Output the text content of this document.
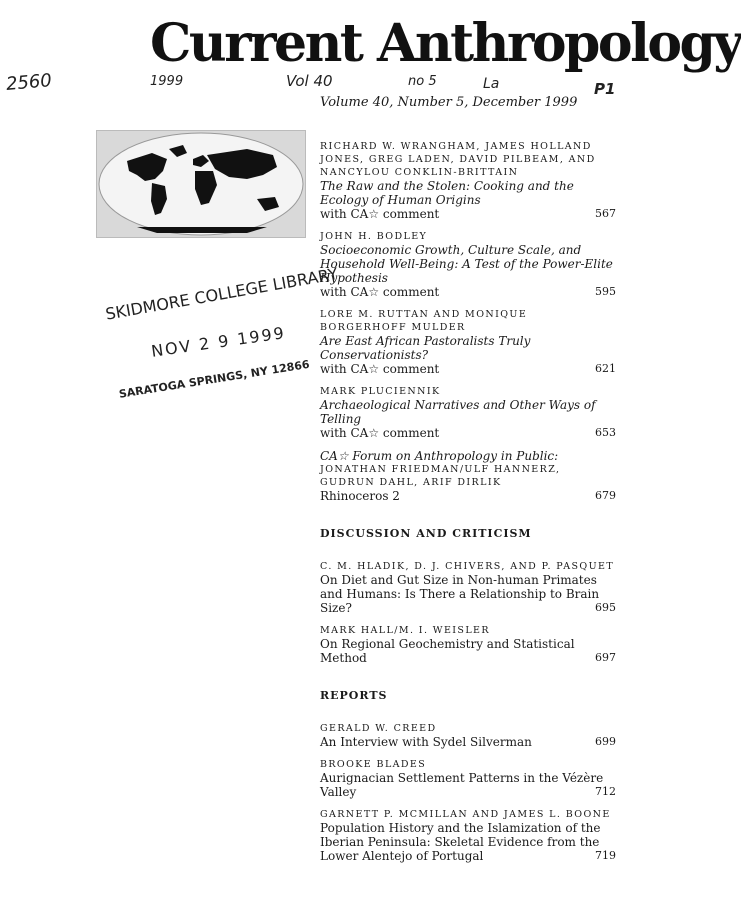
Current Anthropology
2560	1999	Vol 40	no 5	La	P1
Volume 40, Number 5, December 1999
SKIDMORE COLLEGE LIBRARY
NOV 2 9 1999
SARATOGA SPRINGS, NY 12866
RICHARD W. WRANGHAM, JAMES HOLLAND JONES, GREG LADEN, DAVID PILBEAM, AND NANCYLOU CONKLIN-BRITTAIN
The Raw and the Stolen: Cooking and the Ecology of Human Origins
with CA☆ comment	567
JOHN H. BODLEY
Socioeconomic Growth, Culture Scale, and Household Well-Being: A Test of the Power-Elite Hypothesis
with CA☆ comment	595
LORE M. RUTTAN AND MONIQUE BORGERHOFF MULDER
Are East African Pastoralists Truly Conservationists?
with CA☆ comment	621
MARK PLUCIENNIK
Archaeological Narratives and Other Ways of Telling
with CA☆ comment	653
CA☆ Forum on Anthropology in Public:
JONATHAN FRIEDMAN/ULF HANNERZ, GUDRUN DAHL, ARIF DIRLIK
Rhinoceros 2	679
DISCUSSION AND CRITICISM
C. M. HLADIK, D. J. CHIVERS, AND P. PASQUET
On Diet and Gut Size in Non-human Primates and Humans: Is There a Relationship to Brain
Size?	695
MARK HALL/M. I. WEISLER
On Regional Geochemistry and Statistical
Method	697
REPORTS
GERALD W. CREED
An Interview with Sydel Silverman	699
BROOKE BLADES
Aurignacian Settlement Patterns in the Vézère
Valley	712
GARNETT P. MCMILLAN AND JAMES L. BOONE
Population History and the Islamization of the Iberian Peninsula: Skeletal Evidence from the
Lower Alentejo of Portugal	719
